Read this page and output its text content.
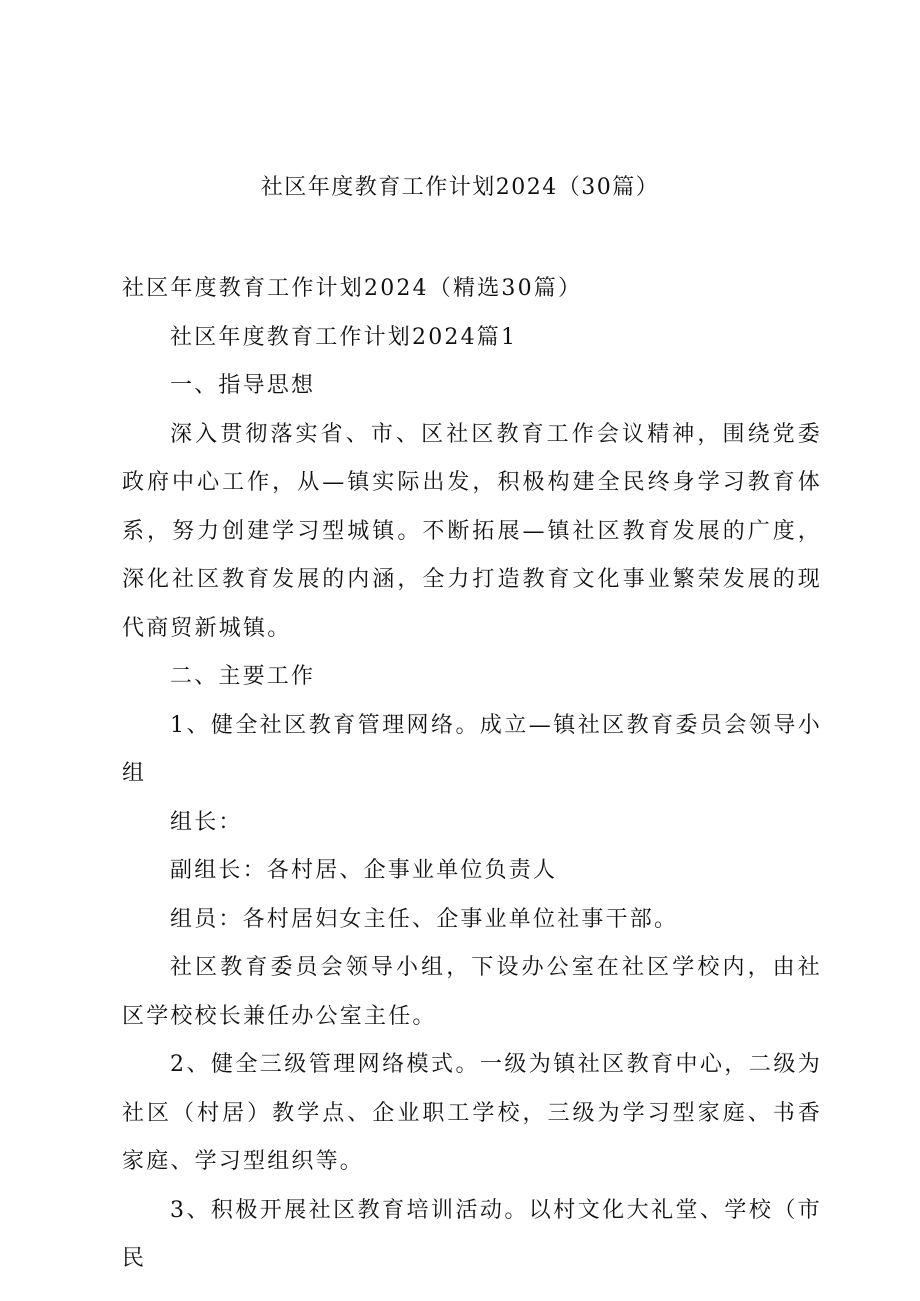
社区年度教育工作计划2024（30篇）

社区年度教育工作计划2024（精选30篇）

社区年度教育工作计划2024篇1

一、指导思想

深入贯彻落实省、市、区社区教育工作会议精神，围绕党委政府中心工作，从—镇实际出发，积极构建全民终身学习教育体系，努力创建学习型城镇。不断拓展—镇社区教育发展的广度，深化社区教育发展的内涵，全力打造教育文化事业繁荣发展的现代商贸新城镇。

二、主要工作

1、健全社区教育管理网络。成立—镇社区教育委员会领导小组

组长：

副组长：各村居、企事业单位负责人

组员：各村居妇女主任、企事业单位社事干部。

社区教育委员会领导小组，下设办公室在社区学校内，由社区学校校长兼任办公室主任。

2、健全三级管理网络模式。一级为镇社区教育中心，二级为社区（村居）教学点、企业职工学校，三级为学习型家庭、书香家庭、学习型组织等。

3、积极开展社区教育培训活动。以村文化大礼堂、学校（市民
